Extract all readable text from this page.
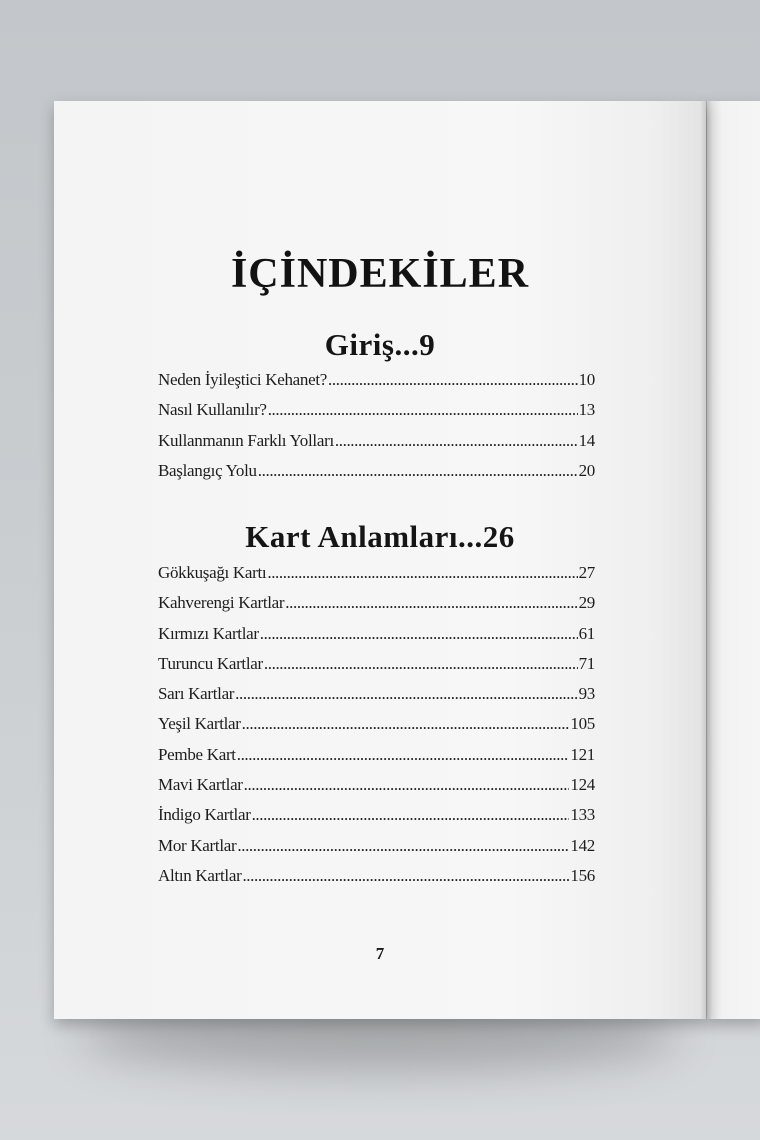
İÇİNDEKİLER
Giriş...9
Neden İyileştici Kehanet? .....	10
Nasıl Kullanılır? .....	13
Kullanmanın Farklı Yolları .....	14
Başlangıç Yolu .....	20
Kart Anlamları...26
Gökkuşağı Kartı .....	27
Kahverengi Kartlar .....	29
Kırmızı Kartlar .....	61
Turuncu Kartlar .....	71
Sarı Kartlar .....	93
Yeşil Kartlar .....	105
Pembe Kart .....	121
Mavi Kartlar .....	124
İndigo Kartlar .....	133
Mor Kartlar .....	142
Altın Kartlar .....	156
7
